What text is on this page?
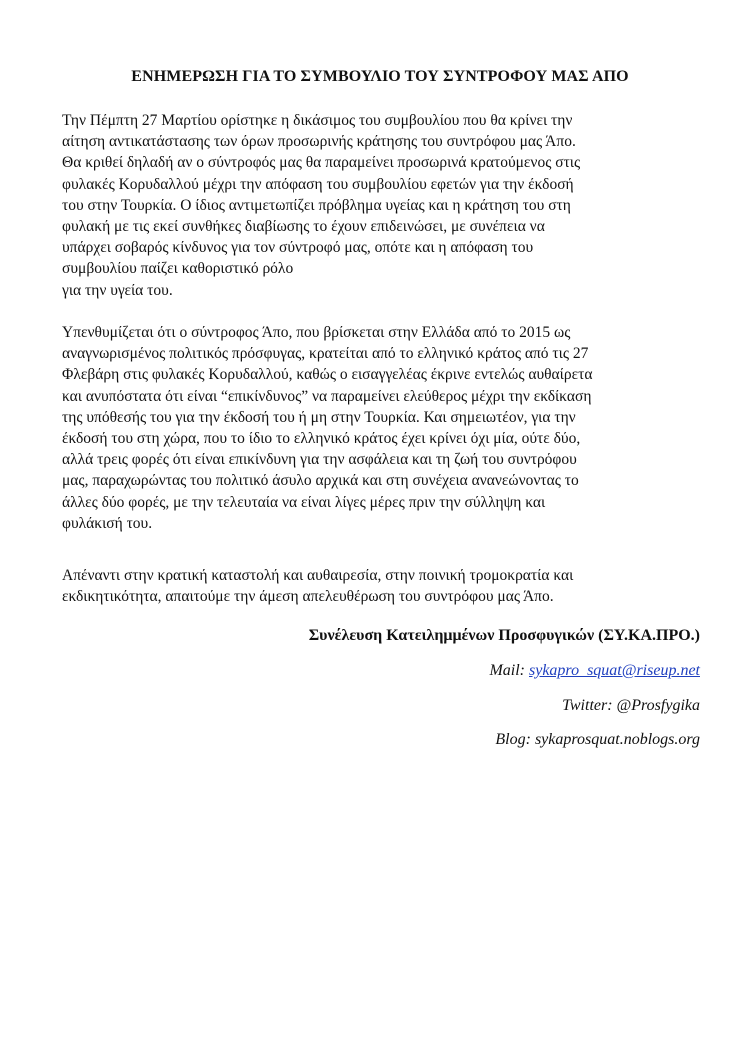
ΕΝΗΜΕΡΩΣΗ ΓΙΑ ΤΟ ΣΥΜΒΟΥΛΙΟ ΤΟΥ ΣΥΝΤΡΟΦΟΥ ΜΑΣ ΑΠΟ
Την Πέμπτη 27 Μαρτίου ορίστηκε η δικάσιμος του συμβουλίου που θα κρίνει την
αίτηση αντικατάστασης των όρων προσωρινής κράτησης του συντρόφου μας Άπο.
Θα κριθεί δηλαδή αν ο σύντροφός μας θα παραμείνει προσωρινά κρατούμενος στις
φυλακές Κορυδαλλού μέχρι την απόφαση του συμβουλίου εφετών για την έκδοσή
του στην Τουρκία. Ο ίδιος αντιμετωπίζει πρόβλημα υγείας και η κράτηση του στη
φυλακή με τις εκεί συνθήκες διαβίωσης το έχουν επιδεινώσει, με συνέπεια να
υπάρχει σοβαρός κίνδυνος για τον σύντροφό μας, οπότε και η απόφαση του
συμβουλίου παίζει καθοριστικό ρόλο
για την υγεία του.
Υπενθυμίζεται ότι ο σύντροφος Άπο, που βρίσκεται στην Ελλάδα από το 2015 ως
αναγνωρισμένος πολιτικός πρόσφυγας, κρατείται από το ελληνικό κράτος από τις 27
Φλεβάρη στις φυλακές Κορυδαλλού, καθώς ο εισαγγελέας έκρινε εντελώς αυθαίρετα
και ανυπόστατα ότι είναι “επικίνδυνος” να παραμείνει ελεύθερος μέχρι την εκδίκαση
της υπόθεσής του για την έκδοσή του ή μη στην Τουρκία. Και σημειωτέον, για την
έκδοσή του στη χώρα, που το ίδιο το ελληνικό κράτος έχει κρίνει όχι μία, ούτε δύο,
αλλά τρεις φορές ότι είναι επικίνδυνη για την ασφάλεια και τη ζωή του συντρόφου
μας, παραχωρώντας του πολιτικό άσυλο αρχικά και στη συνέχεια ανανεώνοντας το
άλλες δύο φορές, με την τελευταία να είναι λίγες μέρες πριν την σύλληψη και
φυλάκισή του.
Απέναντι στην κρατική καταστολή και αυθαιρεσία, στην ποινική τρομοκρατία και
εκδικητικότητα, απαιτούμε την άμεση απελευθέρωση του συντρόφου μας Άπο.
Συνέλευση Κατειλημμένων Προσφυγικών (ΣΥ.ΚΑ.ΠΡΟ.)
Mail: sykapro_squat@riseup.net
Twitter: @Prosfygika
Blog: sykaprosquat.noblogs.org
